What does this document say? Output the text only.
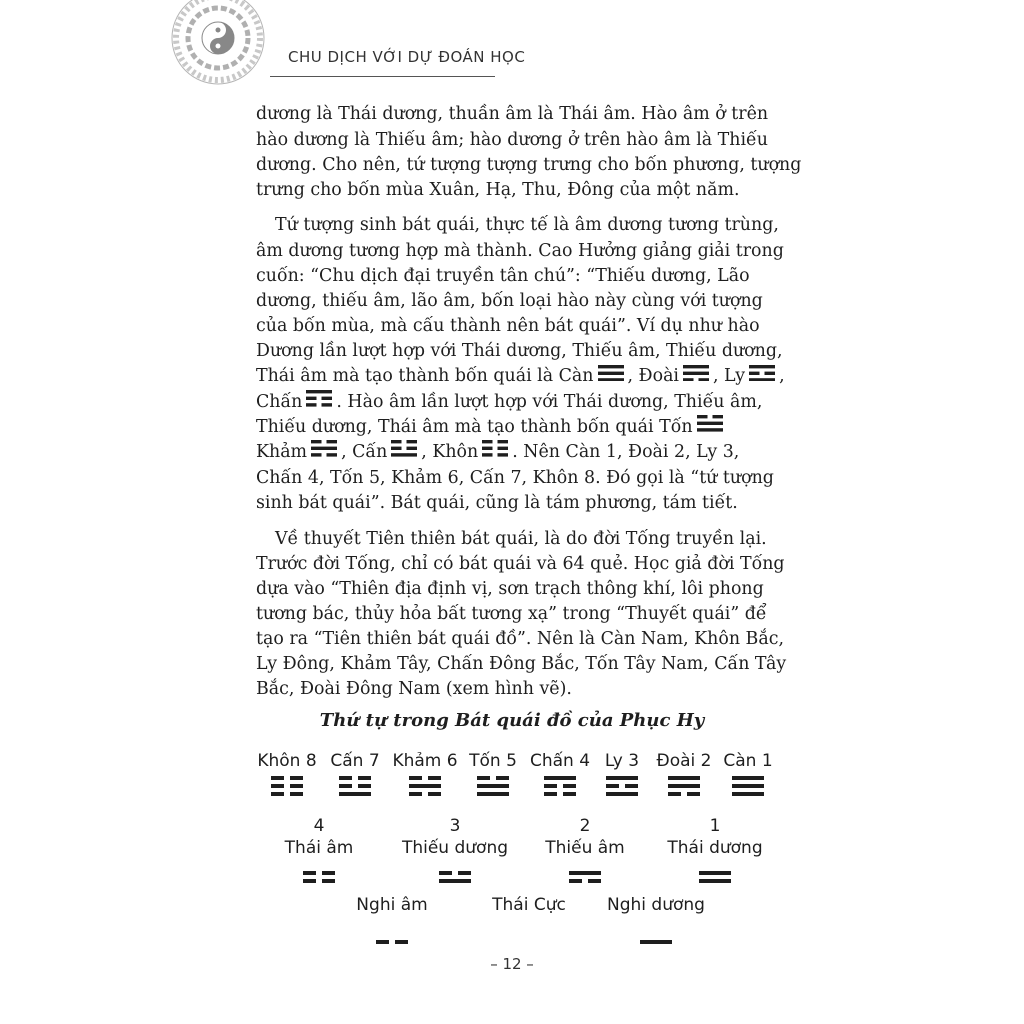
CHU DỊCH VỚI DỰ ĐOÁN HỌC
dương là Thái dương, thuần âm là Thái âm. Hào âm ở trên
hào dương là Thiếu âm; hào dương ở trên hào âm là Thiếu
dương. Cho nên, tứ tượng tượng trưng cho bốn phương, tượng
trưng cho bốn mùa Xuân, Hạ, Thu, Đông của một năm.
Tứ tượng sinh bát quái, thực tế là âm dương tương trùng,
âm dương tương hợp mà thành. Cao Hưởng giảng giải trong
cuốn: “Chu dịch đại truyền tân chú”: “Thiếu dương, Lão
dương, thiếu âm, lão âm, bốn loại hào này cùng với tượng
của bốn mùa, mà cấu thành nên bát quái”. Ví dụ như hào
Dương lần lượt hợp với Thái dương, Thiếu âm, Thiếu dương,
Thái âm mà tạo thành bốn quái là Càn , Đoài , Ly ,
Chấn . Hào âm lần lượt hợp với Thái dương, Thiếu âm,
Thiếu dương, Thái âm mà tạo thành bốn quái Tốn
Khảm , Cấn , Khôn . Nên Càn 1, Đoài 2, Ly 3,
Chấn 4, Tốn 5, Khảm 6, Cấn 7, Khôn 8. Đó gọi là “tứ tượng
sinh bát quái”. Bát quái, cũng là tám phương, tám tiết.
Về thuyết Tiên thiên bát quái, là do đời Tống truyền lại.
Trước đời Tống, chỉ có bát quái và 64 quẻ. Học giả đời Tống
dựa vào “Thiên địa định vị, sơn trạch thông khí, lôi phong
tương bác, thủy hỏa bất tương xạ” trong “Thuyết quái” để
tạo ra “Tiên thiên bát quái đồ”. Nên là Càn Nam, Khôn Bắc,
Ly Đông, Khảm Tây, Chấn Đông Bắc, Tốn Tây Nam, Cấn Tây
Bắc, Đoài Đông Nam (xem hình vẽ).
Thứ tự trong Bát quái đồ của Phục Hy
Khôn 8 Cấn 7 Khảm 6 Tốn 5 Chấn 4 Ly 3 Đoài 2 Càn 1
4
Thái âm
3
Thiếu dương
2
Thiếu âm
1
Thái dương
Nghi âm	Thái Cực Nghi dương
– 12 –
